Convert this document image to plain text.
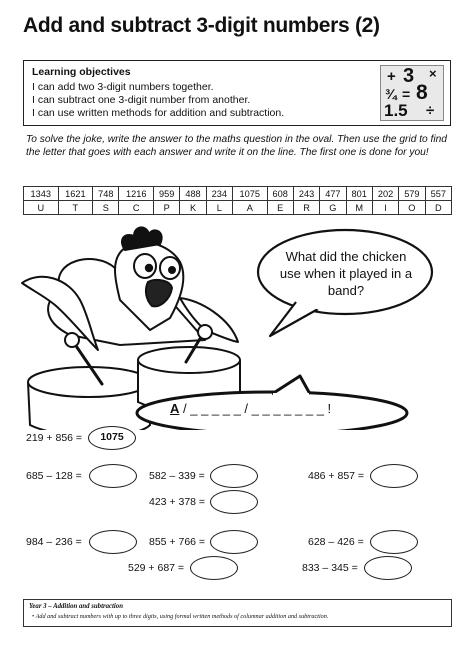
Add and subtract 3-digit numbers (2)
Learning objectives
I can add two 3-digit numbers together.
I can subtract one 3-digit number from another.
I can use written methods for addition and subtraction.
+ 3 ×
¾ = 8
1.5 ÷
To solve the joke, write the answer to the maths question in the oval. Then use the grid to find the letter that goes with each answer and write it on the line. The first one is done for you!
1343	1621	748	1216	959	488	234	1075	608	243	477	801	202	579	557
U	T	S	C	P	K	L	A	E	R	G	M	I	O	D
What did the chicken use when it played in a band?
A / _ _ _ _ _ / _ _ _ _ _ _ _ !
219 + 856 =	1075
685 – 128 =	582 – 339 =	486 + 857 =
423 + 378 =
984 – 236 =	855 + 766 =	628 – 426 =
529 + 687 =	833 – 345 =
Year 3 – Addition and subtraction
• Add and subtract numbers with up to three digits, using formal written methods of columnar addition and subtraction.
